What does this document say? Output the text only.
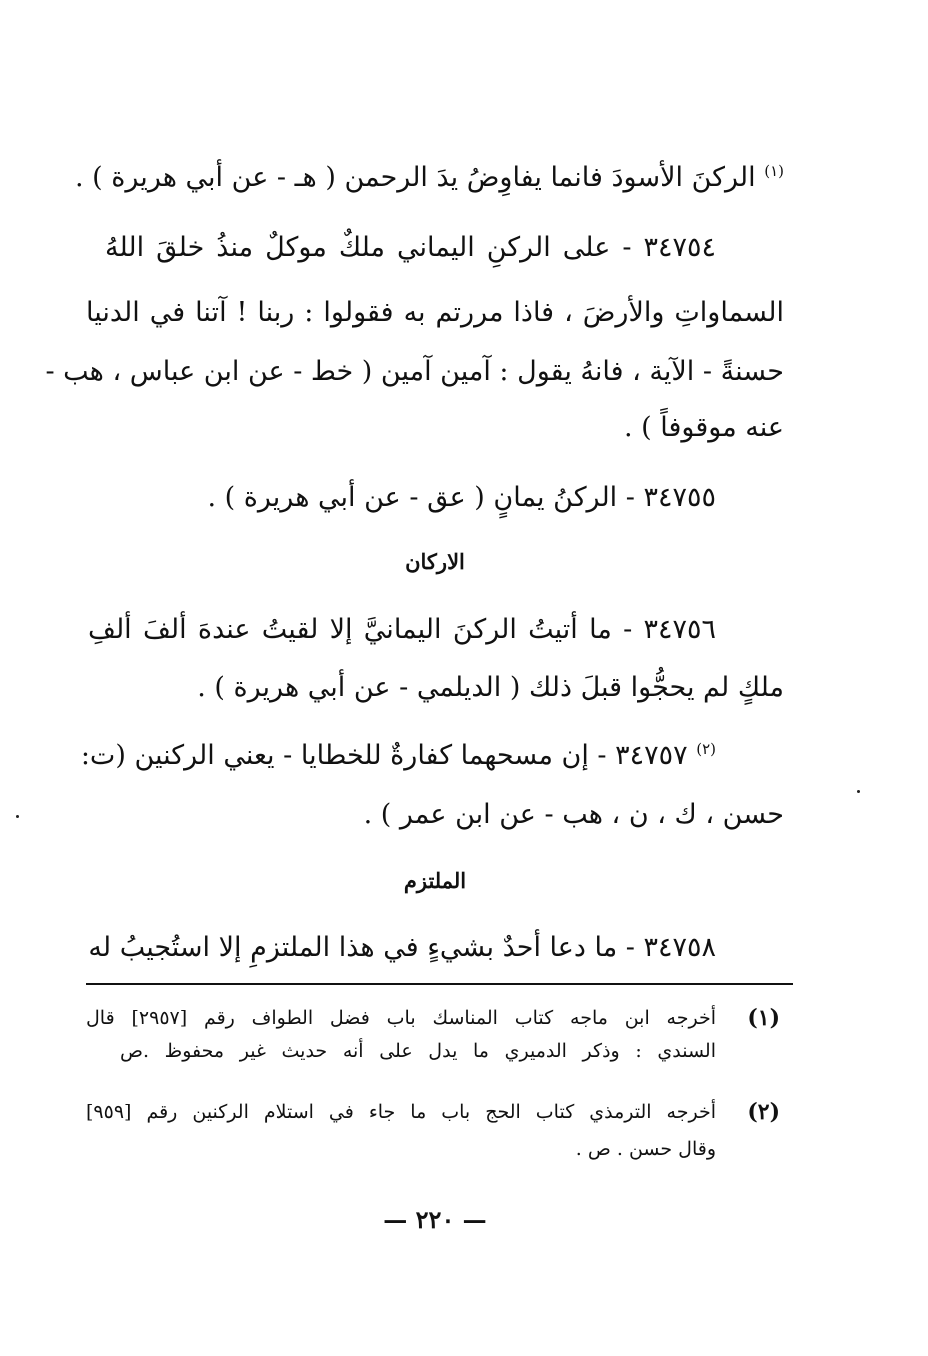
$^{(١)}$ الركنَ الأسودَ فانما يفاوِضُ يدَ الرحمن ( هـ - عن أبي هريرة ) .
٣٤٧٥٤ - على الركنِ اليماني ملكٌ موكلٌ منذُ خلقَ اللهُ
السماواتِ والأرضَ ، فاذا مررتم به فقولوا : ربنا ! آتنا في الدنيا
حسنةً - الآية ، فانهُ يقول : آمين آمين ( خط - عن ابن عباس ، هب -
عنه موقوفاً ) .
٣٤٧٥٥ - الركنُ يمانٍ ( عق - عن أبي هريرة ) .
الاركان
٣٤٧٥٦ - ما أتيتُ الركنَ اليمانيَّ إلا لقيتُ عندهَ ألفَ ألفِ
ملكٍ لم يحجُّوا قبلَ ذلك ( الديلمي - عن أبي هريرة ) .
$^{(٢)}$ ٣٤٧٥٧ - إن مسحهما كفارةٌ للخطايا - يعني الركنين (ت:
حسن ، ك ، ن ، هب - عن ابن عمر ) .
الملتزم
٣٤٧٥٨ - ما دعا أحدٌ بشيءٍ في هذا الملتزمِ إلا استُجيبُ له
(١)
أخرجه ابن ماجه كتاب المناسك باب فضل الطواف رقم [٢٩٥٧] قال
السندي : وذكر الدميري ما يدل على أنه حديث غير محفوظ .ص
(٢)
أخرجه الترمذي كتاب الحج باب ما جاء في استلام الركنين رقم [٩٥٩]
وقال حسن . ص .
— ٢٢٠ —
